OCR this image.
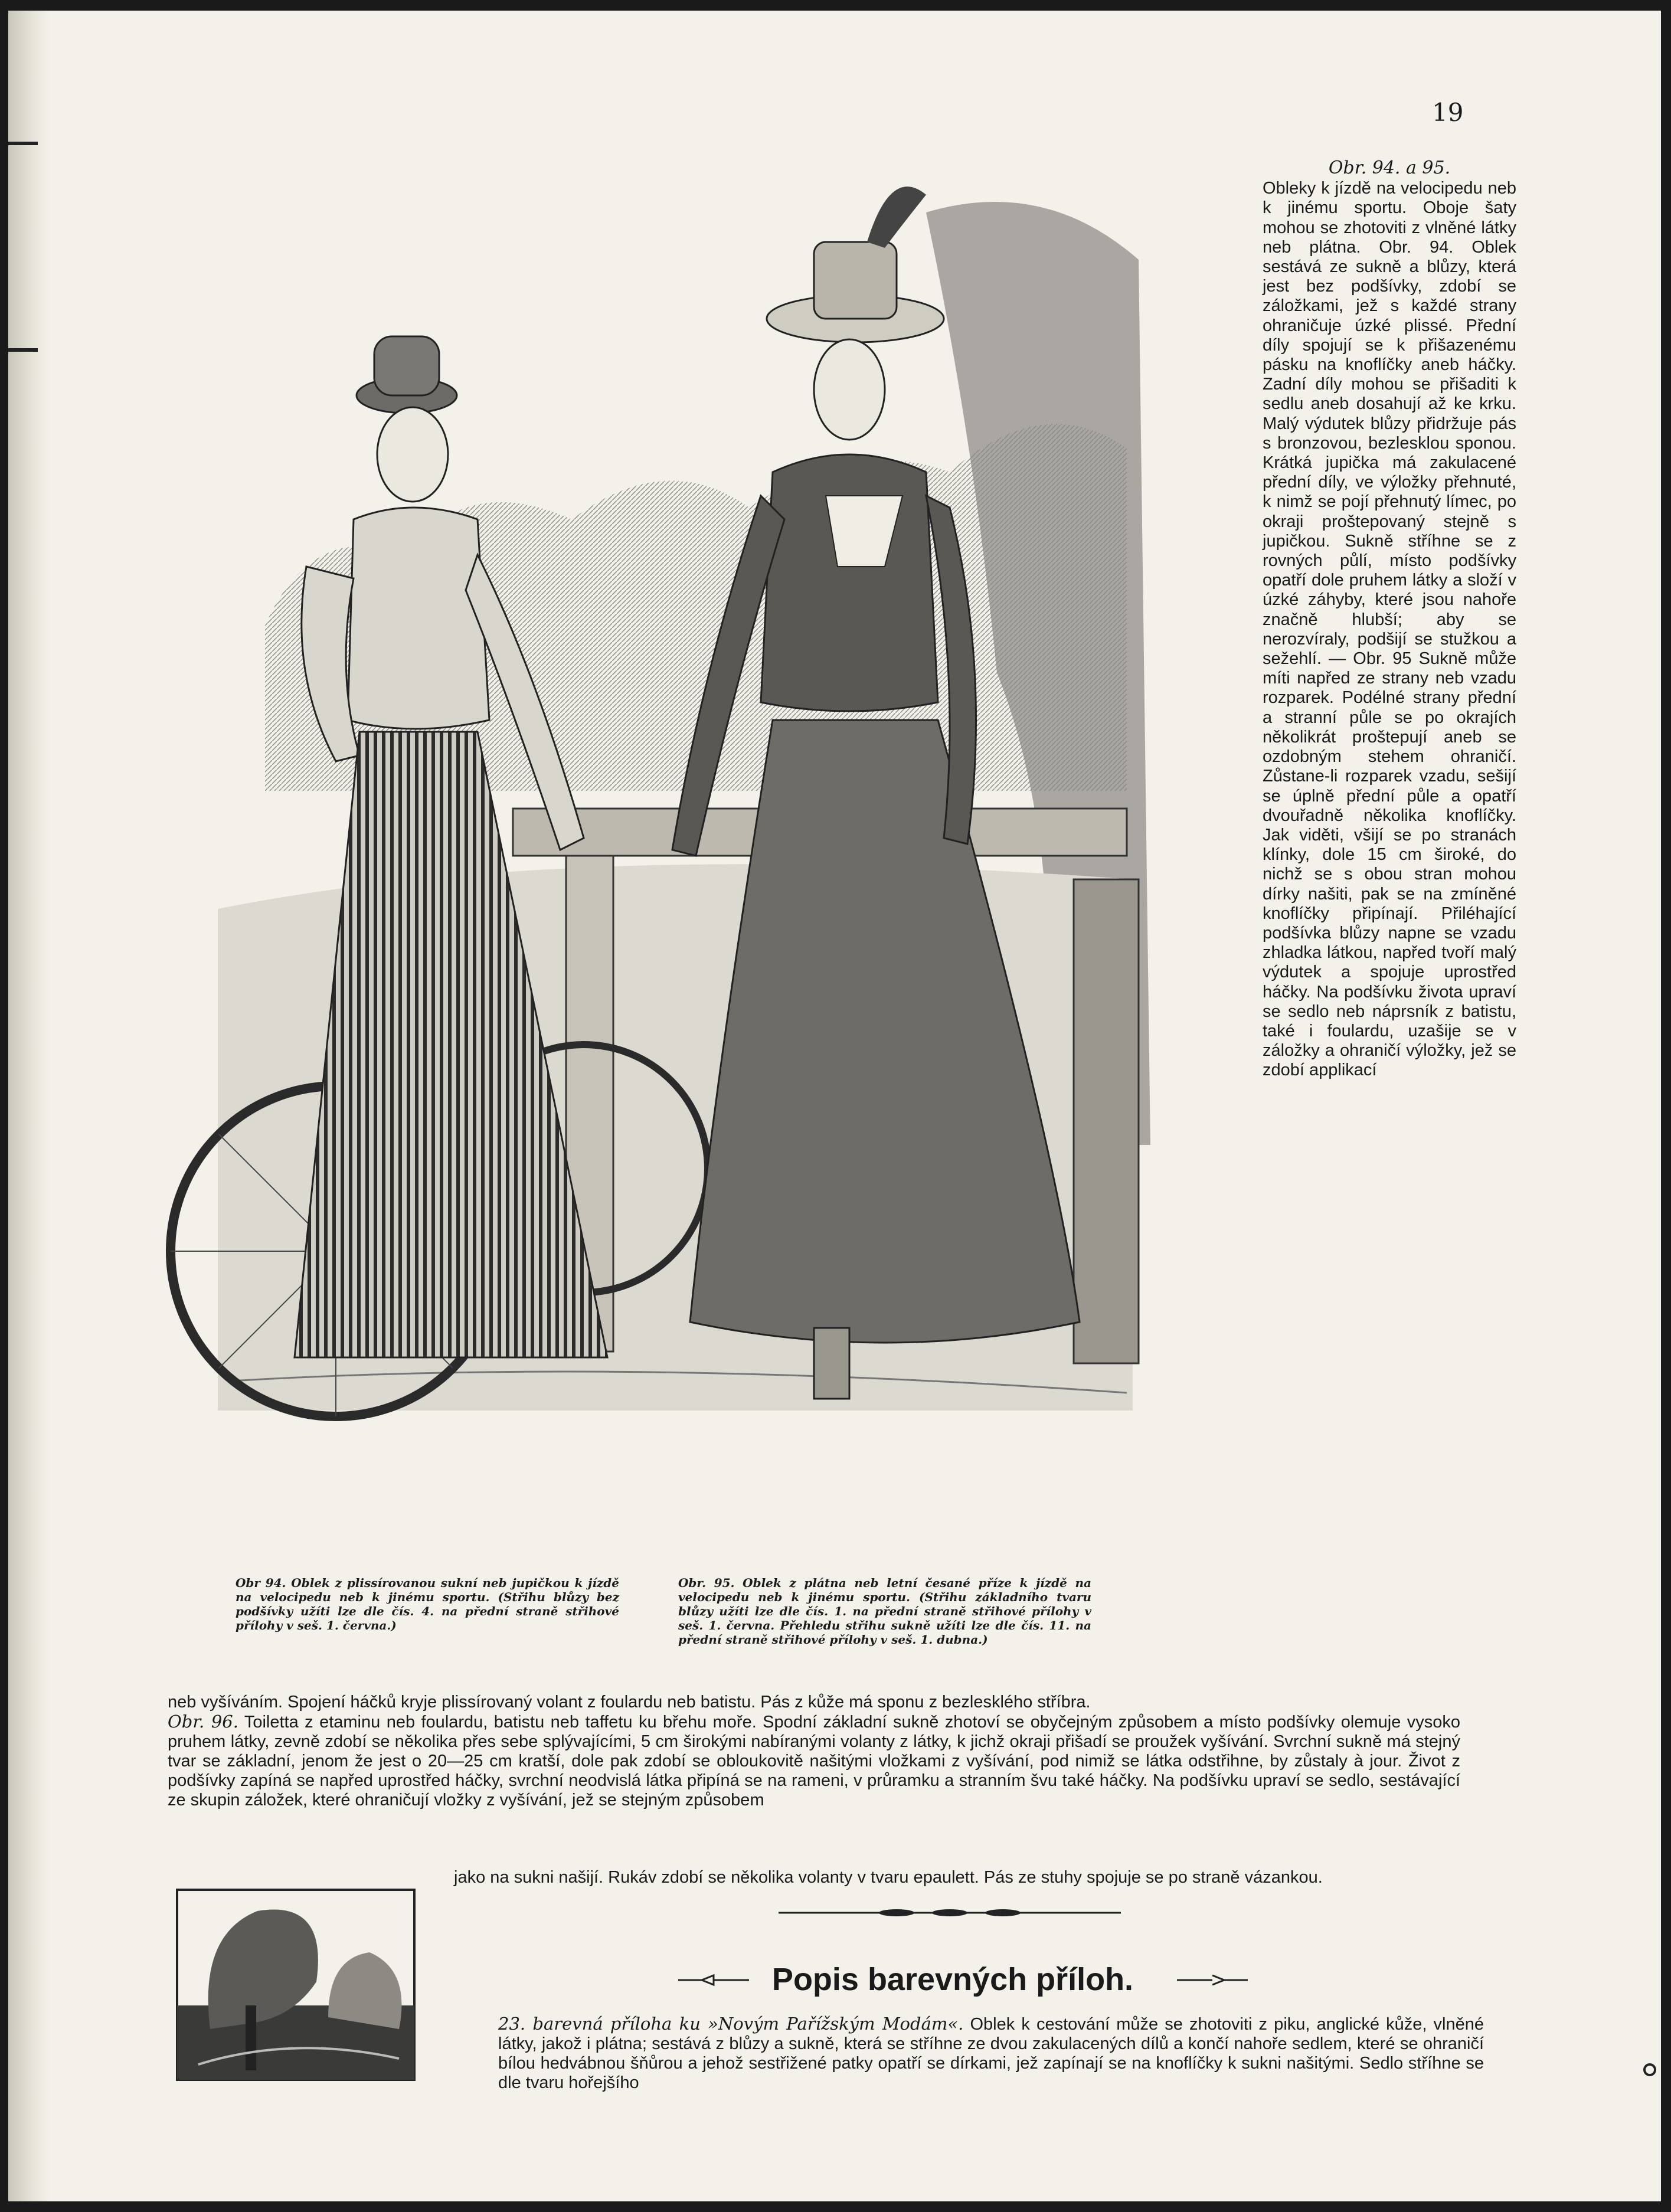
19
Obr 94. Oblek z plissírovanou sukní neb jupičkou k jízdě na velocipedu neb k jinému sportu. (Střihu blůzy bez podšívky užíti lze dle čís. 4. na přední straně střihové přílohy v seš. 1. června.)
Obr. 95. Oblek z plátna neb letní česané příze k jízdě na velocipedu neb k jinému sportu. (Střihu základního tvaru blůzy užíti lze dle čís. 1. na přední straně střihové přílohy v seš. 1. června. Přehledu střihu sukně užíti lze dle čís. 11. na přední straně střihové přílohy v seš. 1. dubna.)
Obr. 94. a 95.
Obleky k jízdě na velocipedu neb k jinému sportu. Oboje šaty mohou se zhotoviti z vlněné látky neb plátna. Obr. 94. Oblek sestává ze sukně a blůzy, která jest bez podšívky, zdobí se záložkami, jež s každé strany ohraničuje úzké plissé. Přední díly spojují se k přišazenému pásku na knoflíčky aneb háčky. Zadní díly mohou se přišaditi k sedlu aneb dosahují až ke krku. Malý výdutek blůzy přidržuje pás s bronzovou, bezlesklou sponou. Krátká jupička má zakulacené přední díly, ve výložky přehnuté, k nimž se pojí přehnutý límec, po okraji proštepovaný stejně s jupičkou. Sukně stříhne se z rovných půlí, místo podšívky opatří dole pruhem látky a složí v úzké záhyby, které jsou nahoře značně hlubší; aby se nerozvíraly, podšijí se stužkou a sežehlí. — Obr. 95 Sukně může míti napřed ze strany neb vzadu rozparek. Podélné strany přední a stranní půle se po okrajích několikrát proštepují aneb se ozdobným stehem ohraničí. Zůstane-li rozparek vzadu, sešijí se úplně přední půle a opatří dvouřadně několika knoflíčky. Jak viděti, všijí se po stranách klínky, dole 15 cm široké, do nichž se s obou stran mohou dírky našiti, pak se na zmíněné knoflíčky připínají. Přiléhající podšívka blůzy napne se vzadu zhladka látkou, napřed tvoří malý výdutek a spojuje uprostřed háčky. Na podšívku života upraví se sedlo neb náprsník z batistu, také i foulardu, uzašije se v záložky a ohraničí výložky, jež se zdobí applikací
neb vyšíváním. Spojení háčků kryje plissírovaný volant z foulardu neb batistu. Pás z kůže má sponu z bezlesklého stříbra.
Obr. 96. Toiletta z etaminu neb foulardu, batistu neb taffetu ku břehu moře. Spodní základní sukně zhotoví se obyčejným způsobem a místo podšívky olemuje vysoko pruhem látky, zevně zdobí se několika přes sebe splývajícími, 5 cm širokými nabíranými volanty z látky, k jichž okraji přišadí se proužek vyšívání. Svrchní sukně má stejný tvar se základní, jenom že jest o 20—25 cm kratší, dole pak zdobí se obloukovitě našitými vložkami z vyšívání, pod nimiž se látka odstřihne, by zůstaly à jour. Život z podšívky zapíná se napřed uprostřed háčky, svrchní neodvislá látka připíná se na rameni, v průramku a stranním švu také háčky. Na podšívku upraví se sedlo, sestávající ze skupin záložek, které ohraničují vložky z vyšívání, jež se stejným způsobem
jako na sukni našijí. Rukáv zdobí se několika volanty v tvaru epaulett. Pás ze stuhy spojuje se po straně vázankou.
Popis barevných příloh.
23. barevná příloha ku »Novým Pařížským Modám«. Oblek k cestování může se zhotoviti z piku, anglické kůže, vlněné látky, jakož i plátna; sestává z blůzy a sukně, která se stříhne ze dvou zakulacených dílů a končí nahoře sedlem, které se ohraničí bílou hedvábnou šňůrou a jehož sestřižené patky opatří se dírkami, jež zapínají se na knoflíčky k sukni našitými. Sedlo stříhne se dle tvaru hořejšího
